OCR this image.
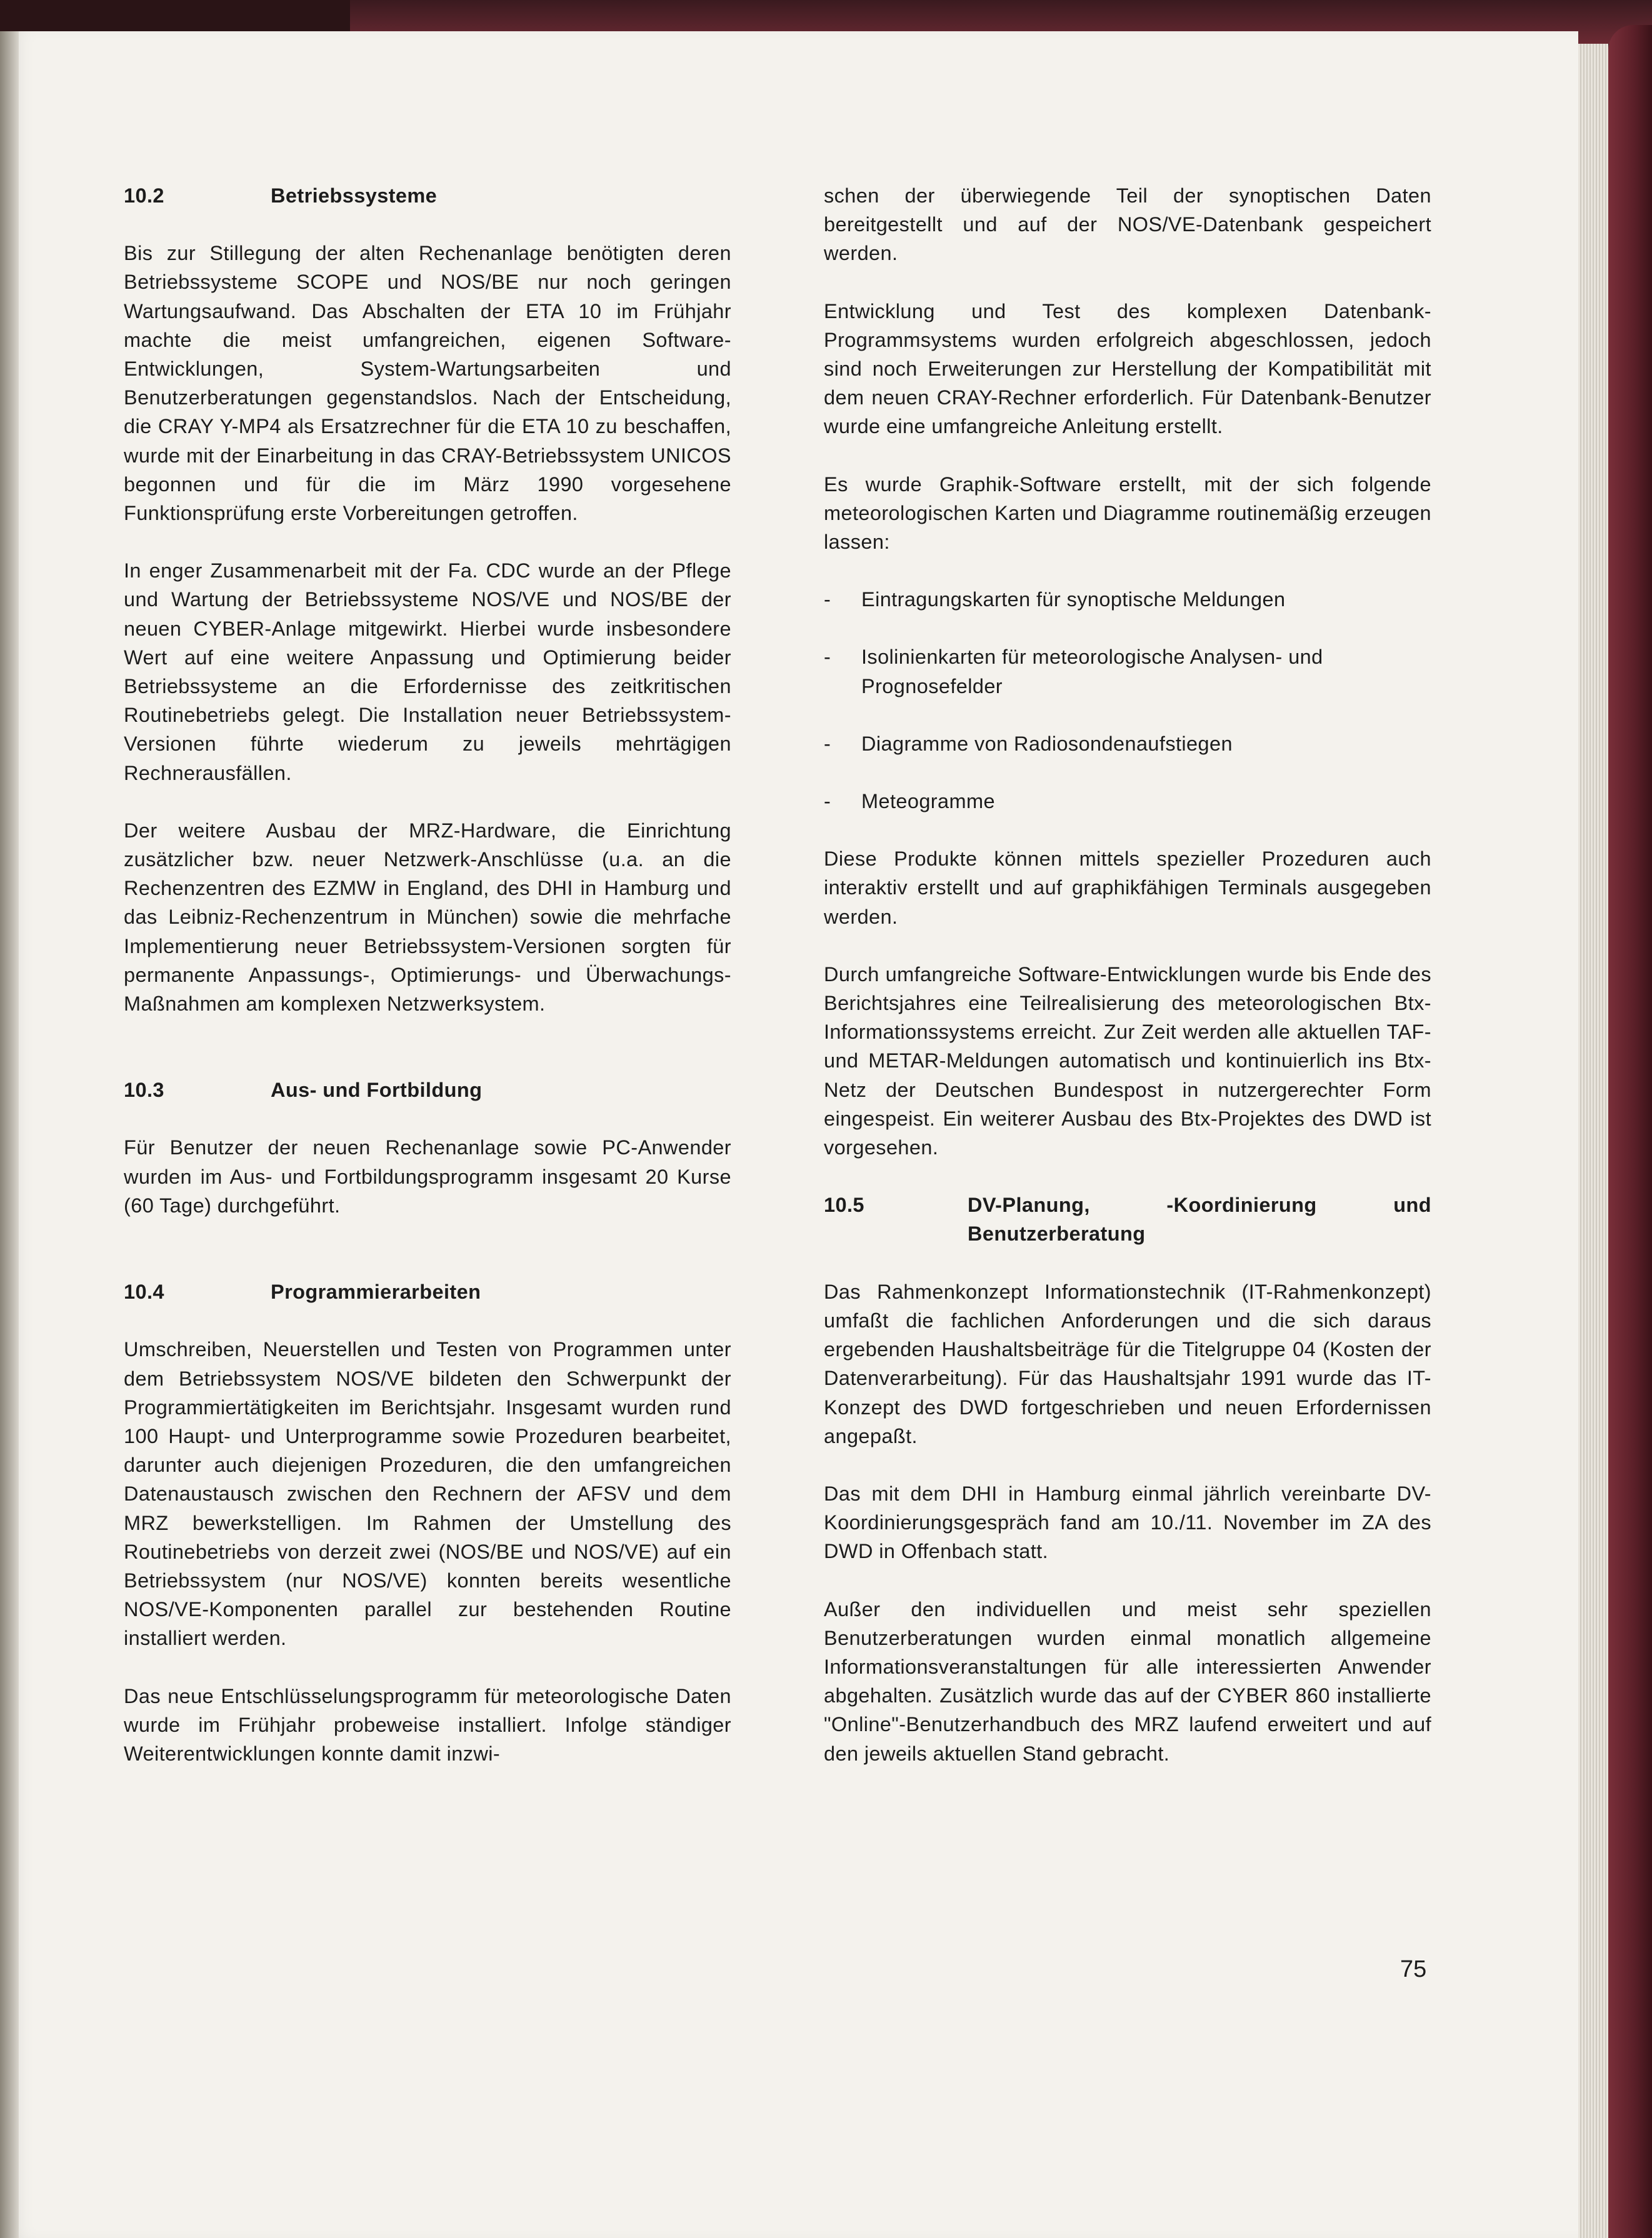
10.2	Betriebssysteme

Bis zur Stillegung der alten Rechenanlage benötigten deren Betriebssysteme SCOPE und NOS/BE nur noch geringen Wartungsaufwand. Das Abschalten der ETA 10 im Frühjahr machte die meist umfangreichen, eigenen Software-Entwicklungen, System-Wartungsarbeiten und Benutzerberatungen gegenstandslos. Nach der Entscheidung, die CRAY Y-MP4 als Ersatzrechner für die ETA 10 zu beschaffen, wurde mit der Einarbeitung in das CRAY-Betriebssystem UNICOS begonnen und für die im März 1990 vorgesehene Funktionsprüfung erste Vorbereitungen getroffen.

In enger Zusammenarbeit mit der Fa. CDC wurde an der Pflege und Wartung der Betriebssysteme NOS/VE und NOS/BE der neuen CYBER-Anlage mitgewirkt. Hierbei wurde insbesondere Wert auf eine weitere Anpassung und Optimierung beider Betriebssysteme an die Erfordernisse des zeitkritischen Routinebetriebs gelegt. Die Installation neuer Betriebssystem-Versionen führte wiederum zu jeweils mehrtägigen Rechnerausfällen.

Der weitere Ausbau der MRZ-Hardware, die Einrichtung zusätzlicher bzw. neuer Netzwerk-Anschlüsse (u.a. an die Rechenzentren des EZMW in England, des DHI in Hamburg und das Leibniz-Rechenzentrum in München) sowie die mehrfache Implementierung neuer Betriebssystem-Versionen sorgten für permanente Anpassungs-, Optimierungs- und Überwachungs-Maßnahmen am komplexen Netzwerksystem.

10.3	Aus- und Fortbildung

Für Benutzer der neuen Rechenanlage sowie PC-Anwender wurden im Aus- und Fortbildungsprogramm insgesamt 20 Kurse (60 Tage) durchgeführt.

10.4	Programmierarbeiten

Umschreiben, Neuerstellen und Testen von Programmen unter dem Betriebssystem NOS/VE bildeten den Schwerpunkt der Programmiertätigkeiten im Berichtsjahr. Insgesamt wurden rund 100 Haupt- und Unterprogramme sowie Prozeduren bearbeitet, darunter auch diejenigen Prozeduren, die den umfangreichen Datenaustausch zwischen den Rechnern der AFSV und dem MRZ bewerkstelligen. Im Rahmen der Umstellung des Routinebetriebs von derzeit zwei (NOS/BE und NOS/VE) auf ein Betriebssystem (nur NOS/VE) konnten bereits wesentliche NOS/VE-Komponenten parallel zur bestehenden Routine installiert werden.

Das neue Entschlüsselungsprogramm für meteorologische Daten wurde im Frühjahr probeweise installiert. Infolge ständiger Weiterentwicklungen konnte damit inzwi-

schen der überwiegende Teil der synoptischen Daten bereitgestellt und auf der NOS/VE-Datenbank gespeichert werden.

Entwicklung und Test des komplexen Datenbank-Programmsystems wurden erfolgreich abgeschlossen, jedoch sind noch Erweiterungen zur Herstellung der Kompatibilität mit dem neuen CRAY-Rechner erforderlich. Für Datenbank-Benutzer wurde eine umfangreiche Anleitung erstellt.

Es wurde Graphik-Software erstellt, mit der sich folgende meteorologischen Karten und Diagramme routinemäßig erzeugen lassen:

-	Eintragungskarten für synoptische Meldungen
-	Isolinienkarten für meteorologische Analysen- und Prognosefelder
-	Diagramme von Radiosondenaufstiegen
-	Meteogramme

Diese Produkte können mittels spezieller Prozeduren auch interaktiv erstellt und auf graphikfähigen Terminals ausgegeben werden.

Durch umfangreiche Software-Entwicklungen wurde bis Ende des Berichtsjahres eine Teilrealisierung des meteorologischen Btx-Informationssystems erreicht. Zur Zeit werden alle aktuellen TAF- und METAR-Meldungen automatisch und kontinuierlich ins Btx-Netz der Deutschen Bundespost in nutzergerechter Form eingespeist. Ein weiterer Ausbau des Btx-Projektes des DWD ist vorgesehen.

10.5	DV-Planung, -Koordinierung und Benutzerberatung

Das Rahmenkonzept Informationstechnik (IT-Rahmenkonzept) umfaßt die fachlichen Anforderungen und die sich daraus ergebenden Haushaltsbeiträge für die Titelgruppe 04 (Kosten der Datenverarbeitung). Für das Haushaltsjahr 1991 wurde das IT-Konzept des DWD fortgeschrieben und neuen Erfordernissen angepaßt.

Das mit dem DHI in Hamburg einmal jährlich vereinbarte DV-Koordinierungsgespräch fand am 10./11. November im ZA des DWD in Offenbach statt.

Außer den individuellen und meist sehr speziellen Benutzerberatungen wurden einmal monatlich allgemeine Informationsveranstaltungen für alle interessierten Anwender abgehalten. Zusätzlich wurde das auf der CYBER 860 installierte "Online"-Benutzerhandbuch des MRZ laufend erweitert und auf den jeweils aktuellen Stand gebracht.

75
